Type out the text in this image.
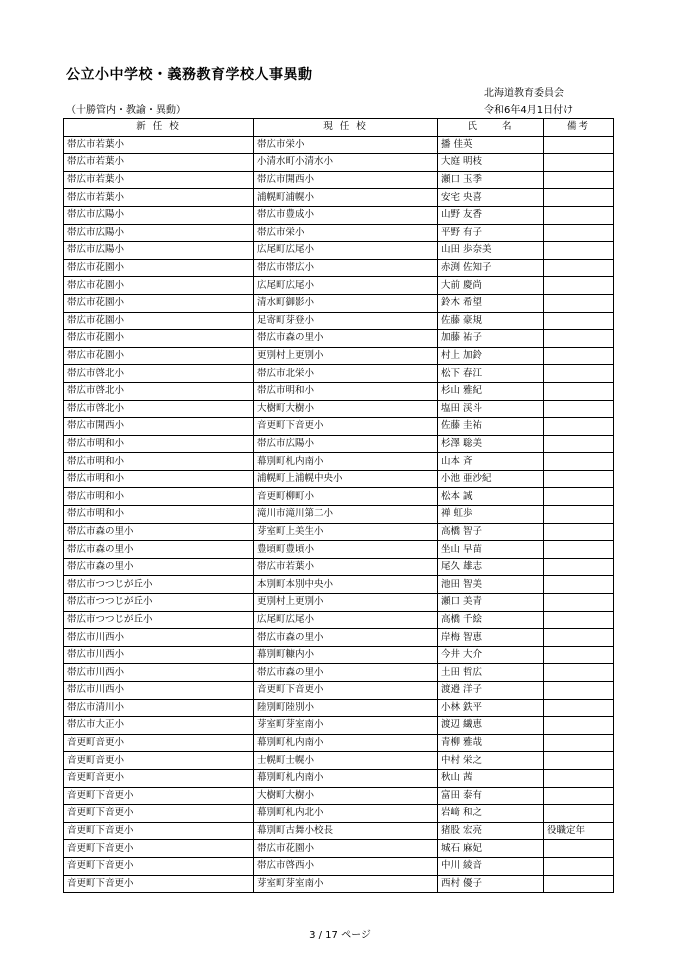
公立小中学校・義務教育学校人事異動
北海道教育委員会
（十勝管内・教諭・異動）	令和6年4月1日付け
新 任 校	現 任 校	氏　　名	備考
帯広市若葉小	帯広市栄小	播 佳英	
帯広市若葉小	小清水町小清水小	大庭 明枝	
帯広市若葉小	帯広市開西小	瀬口 玉季	
帯広市若葉小	浦幌町浦幌小	安宅 央喜	
帯広市広陽小	帯広市豊成小	山野 友香	
帯広市広陽小	帯広市栄小	平野 有子	
帯広市広陽小	広尾町広尾小	山田 歩奈美	
帯広市花園小	帯広市帯広小	赤渕 佐知子	
帯広市花園小	広尾町広尾小	大前 慶尚	
帯広市花園小	清水町御影小	鈴木 希望	
帯広市花園小	足寄町芽登小	佐藤 豪規	
帯広市花園小	帯広市森の里小	加藤 祐子	
帯広市花園小	更別村上更別小	村上 加鈴	
帯広市啓北小	帯広市北栄小	松下 春江	
帯広市啓北小	帯広市明和小	杉山 雅紀	
帯広市啓北小	大樹町大樹小	塩田 渓斗	
帯広市開西小	音更町下音更小	佐藤 圭祐	
帯広市明和小	帯広市広陽小	杉澤 聡美	
帯広市明和小	幕別町札内南小	山本 斉	
帯広市明和小	浦幌町上浦幌中央小	小池 亜沙紀	
帯広市明和小	音更町柳町小	松本 誠	
帯広市明和小	滝川市滝川第二小	禅 虹歩	
帯広市森の里小	芽室町上美生小	高橋 智子	
帯広市森の里小	豊頃町豊頃小	坐山 早苗	
帯広市森の里小	帯広市若葉小	尾久 雄志	
帯広市つつじが丘小	本別町本別中央小	池田 智美	
帯広市つつじが丘小	更別村上更別小	瀬口 美青	
帯広市つつじが丘小	広尾町広尾小	高橋 千絵	
帯広市川西小	帯広市森の里小	岸梅 智恵	
帯広市川西小	幕別町糠内小	今井 大介	
帯広市川西小	帯広市森の里小	土田 哲広	
帯広市川西小	音更町下音更小	渡邉 洋子	
帯広市清川小	陸別町陸別小	小林 鉄平	
帯広市大正小	芽室町芽室南小	渡辺 繊恵	
音更町音更小	幕別町札内南小	青柳 雅哉	
音更町音更小	士幌町士幌小	中村 栄之	
音更町音更小	幕別町札内南小	秋山 茜	
音更町下音更小	大樹町大樹小	富田 泰有	
音更町下音更小	幕別町札内北小	岩﨑 和之	
音更町下音更小	幕別町古舞小校長	猪股 宏亮	役職定年
音更町下音更小	帯広市花園小	城石 麻妃	
音更町下音更小	帯広市啓西小	中川 綾音	
音更町下音更小	芽室町芽室南小	西村 優子	
3 / 17 ページ
